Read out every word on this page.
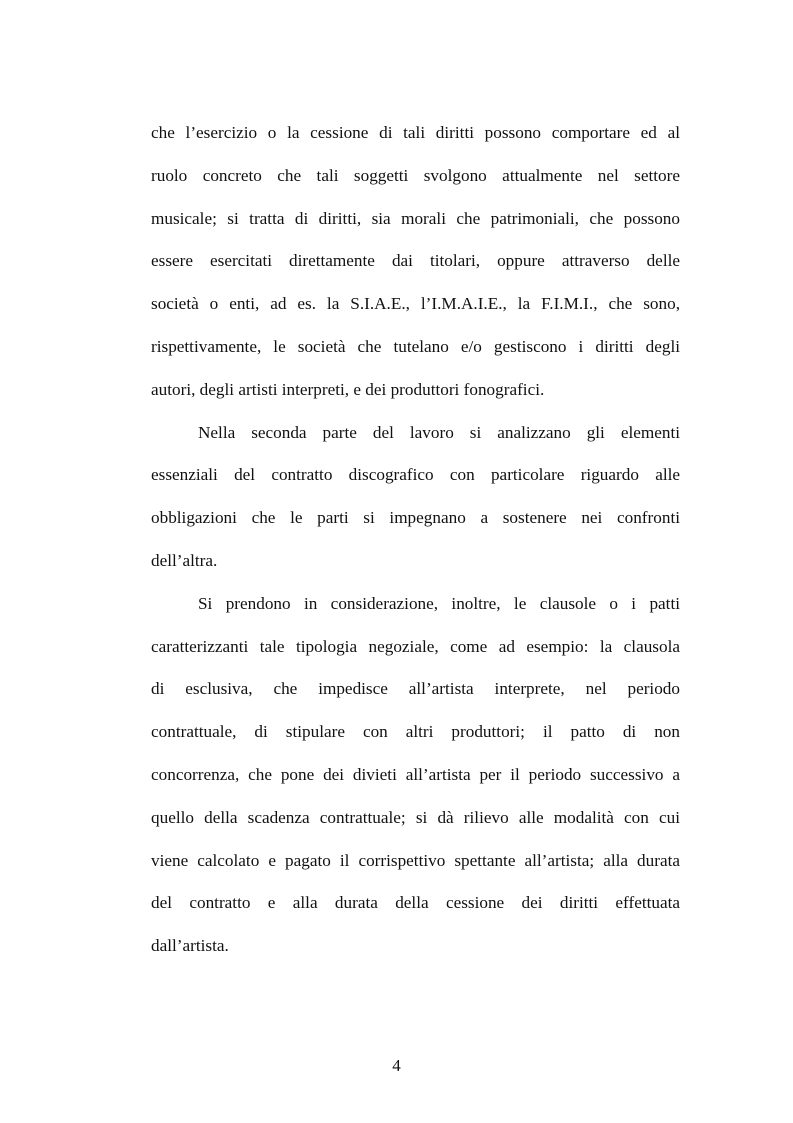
che l’esercizio o la cessione di tali diritti possono comportare ed al
ruolo concreto che tali soggetti svolgono attualmente nel settore
musicale; si tratta di diritti, sia morali che patrimoniali, che possono
essere esercitati direttamente dai titolari, oppure attraverso delle
società o enti, ad es. la S.I.A.E., l’I.M.A.I.E., la F.I.M.I., che sono,
rispettivamente, le società che tutelano e/o gestiscono i diritti degli
autori, degli artisti interpreti, e dei produttori fonografici.
Nella seconda parte del lavoro si analizzano gli elementi
essenziali del contratto discografico con particolare riguardo alle
obbligazioni che le parti si impegnano a sostenere nei confronti
dell’altra.
Si prendono in considerazione, inoltre, le clausole o i patti
caratterizzanti tale tipologia negoziale, come ad esempio: la clausola
di esclusiva, che impedisce all’artista interprete, nel periodo
contrattuale, di stipulare con altri produttori; il patto di non
concorrenza, che pone dei divieti all’artista per il periodo successivo a
quello della scadenza contrattuale; si dà rilievo alle modalità con cui
viene calcolato e pagato il corrispettivo spettante all’artista; alla durata
del contratto e alla durata della cessione dei diritti effettuata
dall’artista.
4
